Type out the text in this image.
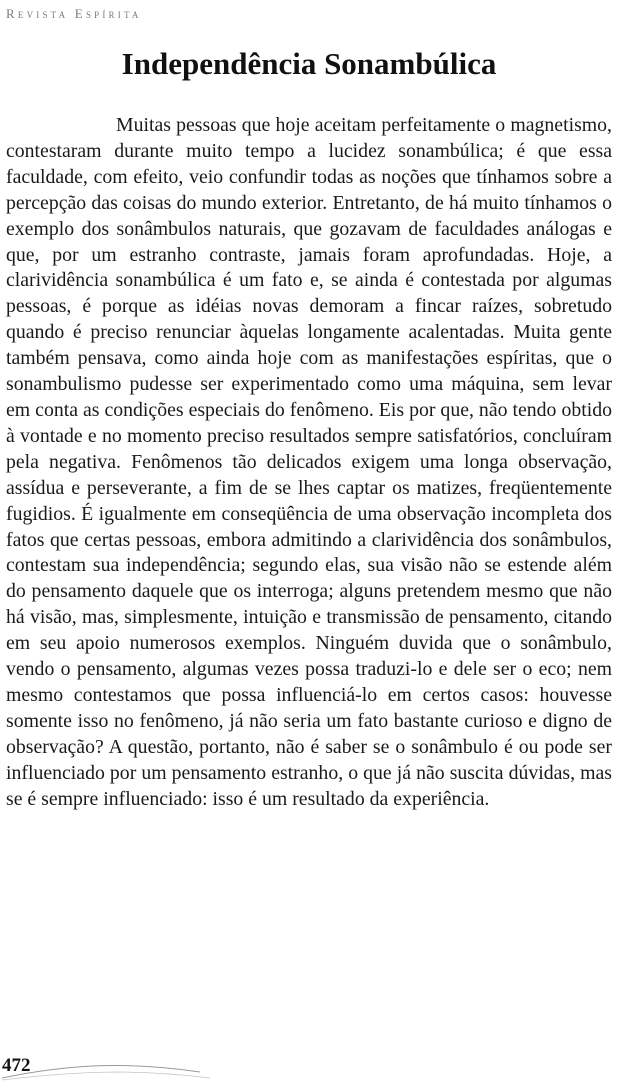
Revista Espírita
Independência Sonambúlica

Muitas pessoas que hoje aceitam perfeitamente o magnetismo, contestaram durante muito tempo a lucidez sonambúlica; é que essa faculdade, com efeito, veio confundir todas as noções que tínhamos sobre a percepção das coisas do mundo exterior. Entretanto, de há muito tínhamos o exemplo dos sonâmbulos naturais, que gozavam de faculdades análogas e que, por um estranho contraste, jamais foram aprofundadas. Hoje, a clarividência sonambúlica é um fato e, se ainda é contestada por algumas pessoas, é porque as idéias novas demoram a fincar raízes, sobretudo quando é preciso renunciar àquelas longamente acalentadas. Muita gente também pensava, como ainda hoje com as manifestações espíritas, que o sonambulismo pudesse ser experimentado como uma máquina, sem levar em conta as condições especiais do fenômeno. Eis por que, não tendo obtido à vontade e no momento preciso resultados sempre satisfatórios, concluíram pela negativa. Fenômenos tão delicados exigem uma longa observação, assídua e perseverante, a fim de se lhes captar os matizes, freqüentemente fugidios. É igualmente em conseqüência de uma observação incompleta dos fatos que certas pessoas, embora admitindo a clarividência dos sonâmbulos, contestam sua independência; segundo elas, sua visão não se estende além do pensamento daquele que os interroga; alguns pretendem mesmo que não há visão, mas, simplesmente, intuição e transmissão de pensamento, citando em seu apoio numerosos exemplos. Ninguém duvida que o sonâmbulo, vendo o pensamento, algumas vezes possa traduzi-lo e dele ser o eco; nem mesmo contestamos que possa influenciá-lo em certos casos: houvesse somente isso no fenômeno, já não seria um fato bastante curioso e digno de observação? A questão, portanto, não é saber se o sonâmbulo é ou pode ser influenciado por um pensamento estranho, o que já não suscita dúvidas, mas se é sempre influenciado: isso é um resultado da experiência.

472
